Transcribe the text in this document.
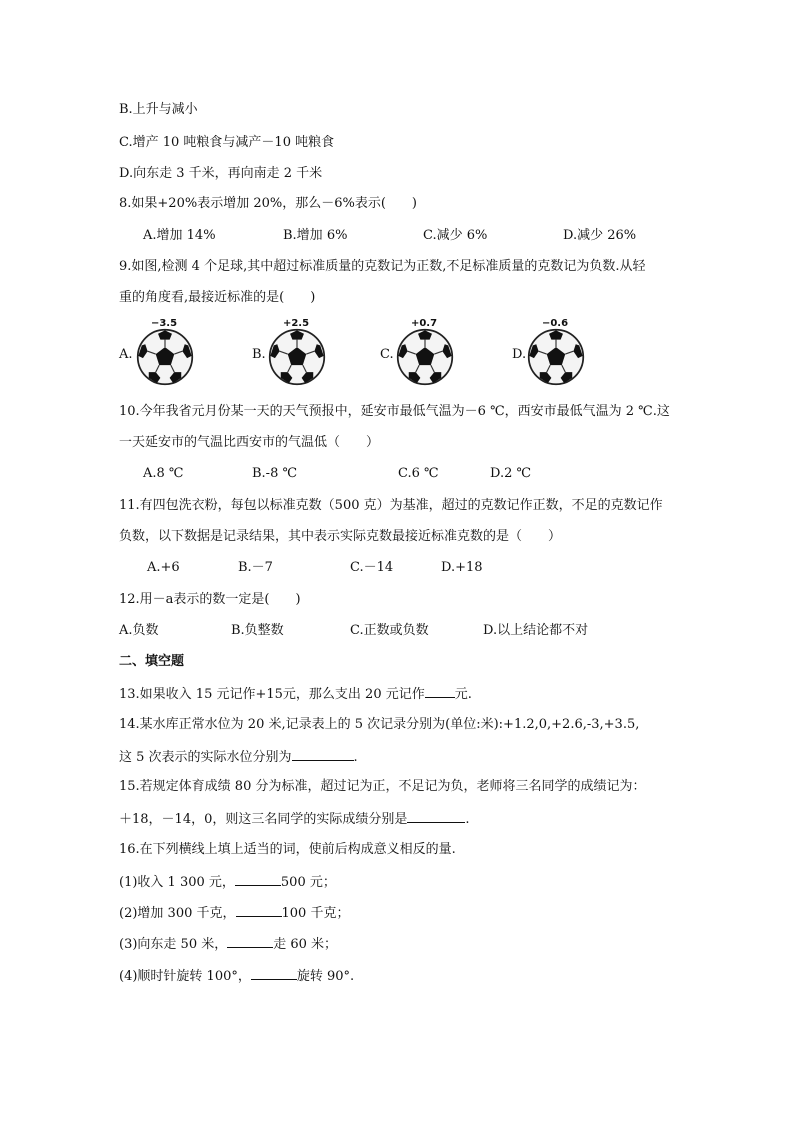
B.上升与减小
C.增产 10 吨粮食与减产－10 吨粮食
D.向东走 3 千米，再向南走 2 千米
8.如果+20%表示增加 20%，那么－6%表示(　　)
A.增加 14%	B.增加 6%	C.减少 6%	D.减少 26%
9.如图,检测 4 个足球,其中超过标准质量的克数记为正数,不足标准质量的克数记为负数.从轻
重的角度看,最接近标准的是(　　)
A.
−3.5
B.
+2.5
C.
+0.7
D.
−0.6
10.今年我省元月份某一天的天气预报中，延安市最低气温为－6 ℃，西安市最低气温为 2 ℃.这
一天延安市的气温比西安市的气温低（　　）
A.8 ℃	B.-8 ℃	C.6 ℃	D.2 ℃
11.有四包洗衣粉，每包以标准克数（500 克）为基准，超过的克数记作正数，不足的克数记作
负数，以下数据是记录结果，其中表示实际克数最接近标准克数的是（　　）
A.+6	B.－7	C.－14	D.+18
12.用－a表示的数一定是(　　)
A.负数	B.负整数	C.正数或负数	D.以上结论都不对
二、填空题
13.如果收入 15 元记作+15元，那么支出 20 元记作 元.
14.某水库正常水位为 20 米,记录表上的 5 次记录分别为(单位:米):+1.2,0,+2.6,-3,+3.5,
这 5 次表示的实际水位分别为	.
15.若规定体育成绩 80 分为标准，超过记为正，不足记为负，老师将三名同学的成绩记为：
＋18，－14，0，则这三名同学的实际成绩分别是	.
16.在下列横线上填上适当的词，使前后构成意义相反的量.
(1)收入 1 300 元，	500 元；
(2)增加 300 千克，	100 千克；
(3)向东走 50 米，	走 60 米；
(4)顺时针旋转 100°，	旋转 90°.
